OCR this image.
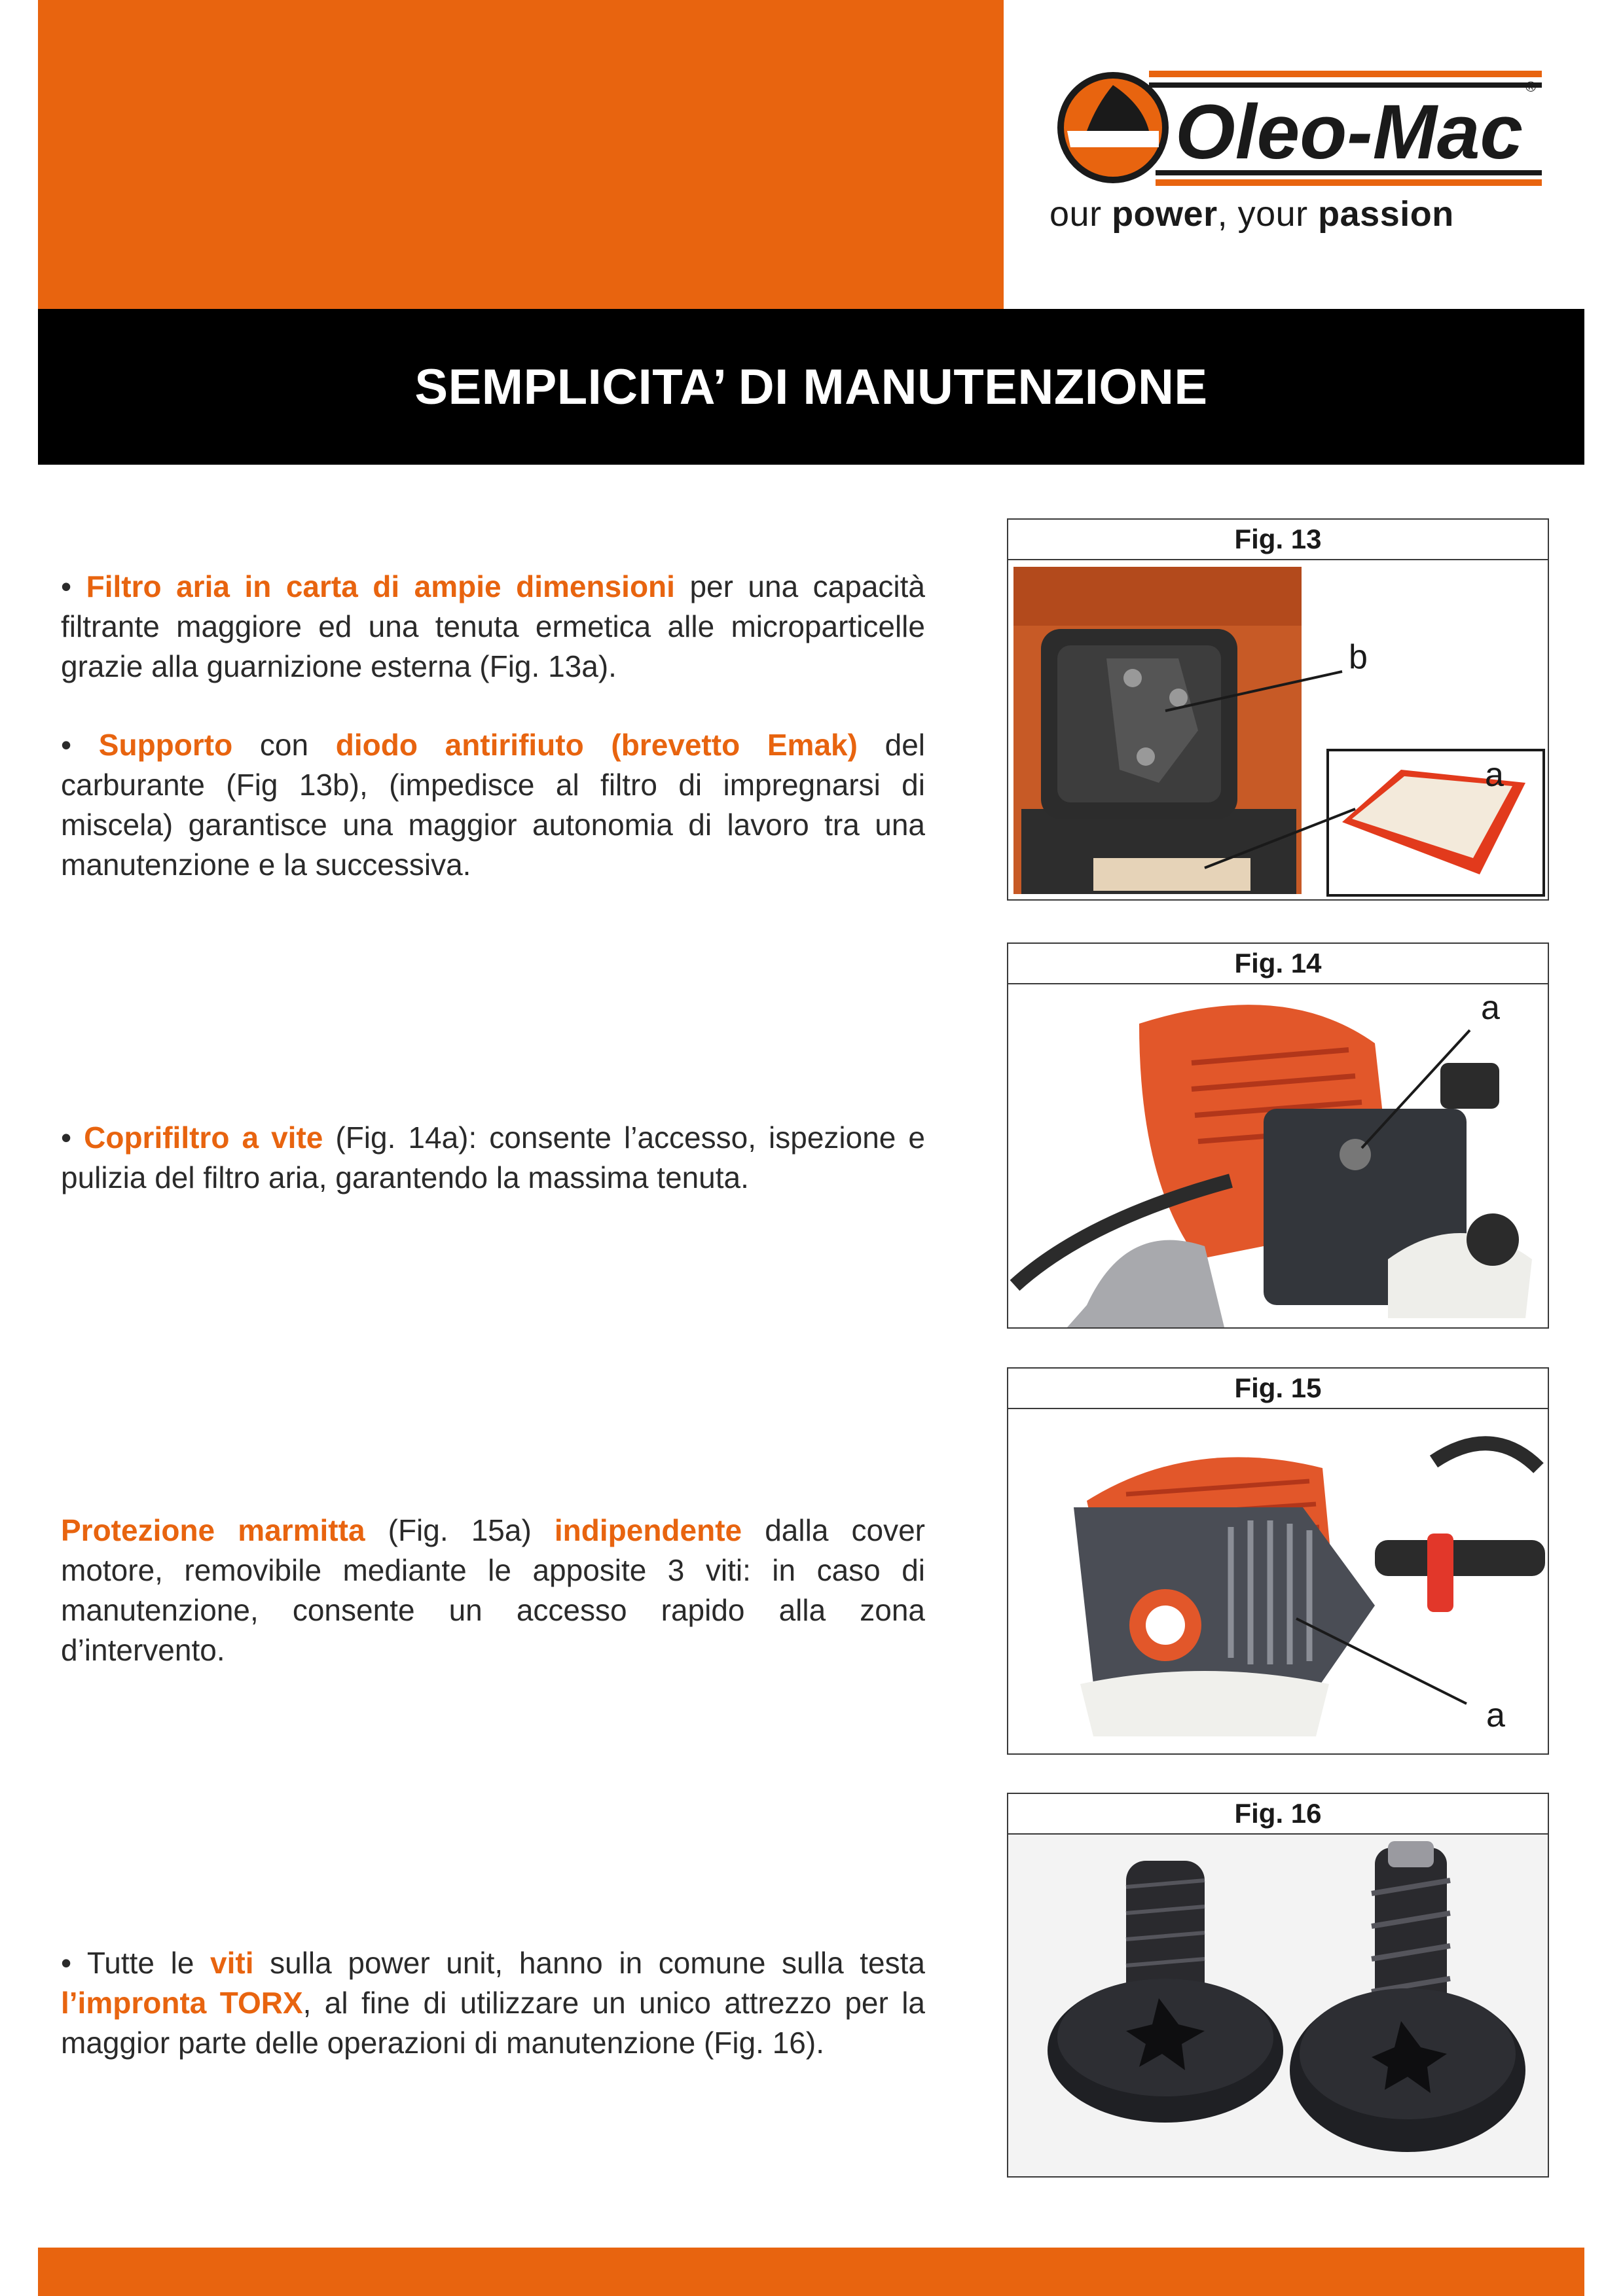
Oleo-Mac
®
our power, your passion
SEMPLICITA’ DI MANUTENZIONE
• Filtro aria in carta di ampie dimensioni per una capacità filtrante maggiore ed una tenuta ermetica alle microparticelle grazie alla guarnizione esterna (Fig. 13a).
• Supporto con diodo antirifiuto (brevetto Emak) del carburante (Fig 13b), (impedisce al filtro di impregnarsi di miscela) garantisce una maggior autonomia di lavoro tra una manutenzione e la successiva.
• Coprifiltro a vite (Fig. 14a): consente l’accesso, ispezione e pulizia del filtro aria, garantendo la massima tenuta.
Protezione marmitta (Fig. 15a) indipendente dalla cover motore, removibile mediante le apposite 3 viti: in caso di manutenzione, consente un accesso rapido alla zona d’intervento.
• Tutte le viti sulla power unit, hanno in comune sulla testa l’impronta TORX, al fine di utilizzare un unico attrezzo per la maggior parte delle operazioni di manutenzione (Fig. 16).
Fig. 13
b
a
Fig. 14
a
Fig. 15
a
Fig. 16
